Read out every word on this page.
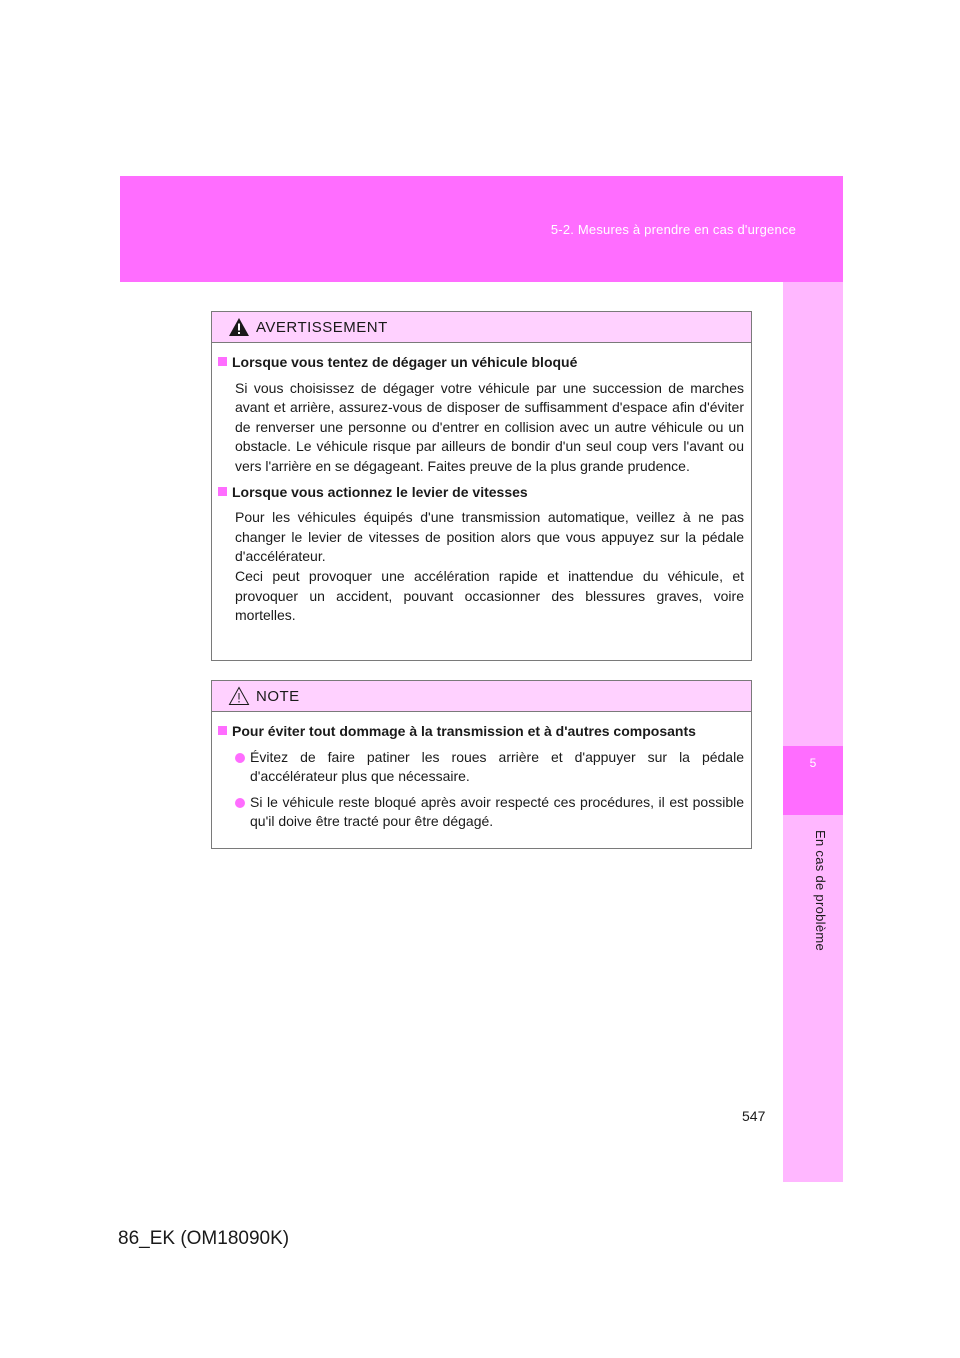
5-2. Mesures à prendre en cas d'urgence
5
En cas de problème
AVERTISSEMENT
Lorsque vous tentez de dégager un véhicule bloqué

Si vous choisissez de dégager votre véhicule par une succession de marches avant et arrière, assurez-vous de disposer de suffisamment d'espace afin d'éviter de renverser une personne ou d'entrer en collision avec un autre véhicule ou un obstacle. Le véhicule risque par ailleurs de bondir d'un seul coup vers l'avant ou vers l'arrière en se dégageant. Faites preuve de la plus grande prudence.

Lorsque vous actionnez le levier de vitesses

Pour les véhicules équipés d'une transmission automatique, veillez à ne pas changer le levier de vitesses de position alors que vous appuyez sur la pédale d'accélérateur.

Ceci peut provoquer une accélération rapide et inattendue du véhicule, et provoquer un accident, pouvant occasionner des blessures graves, voire mortelles.

NOTE
Pour éviter tout dommage à la transmission et à d'autres composants
Évitez de faire patiner les roues arrière et d'appuyer sur la pédale d'accélérateur plus que nécessaire.
Si le véhicule reste bloqué après avoir respecté ces procédures, il est possible qu'il doive être tracté pour être dégagé.
547
86_EK (OM18090K)
